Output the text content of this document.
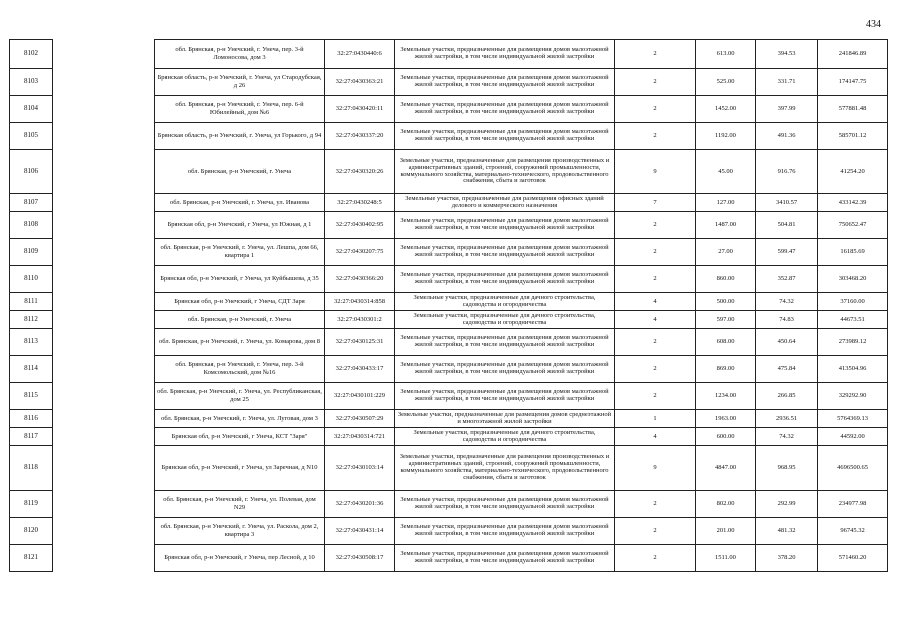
434
8102		обл. Брянская, р-н Унечский, г. Унеча, пер. 3-й Ломоносова, дом 3	32:27:0430440:6	Земельные участки, предназначенные для размещения домов малоэтажной жилой застройки, в том числе индивидуальной жилой застройки	2	613.00	394.53	241846.89
8103		Брянская область, р-н Унечский, г. Унеча, ул Стародубская, д 26	32:27:0430363:21	Земельные участки, предназначенные для размещения домов малоэтажной жилой застройки, в том числе индивидуальной жилой застройки	2	525.00	331.71	174147.75
8104		обл. Брянская, р-н Унечский, г. Унеча, пер. 6-й Юбилейный, дом №6	32:27:0430420:11	Земельные участки, предназначенные для размещения домов малоэтажной жилой застройки, в том числе индивидуальной жилой застройки	2	1452.00	397.99	577881.48
8105		Брянская область, р-н Унечский, г. Унеча, ул Горького, д 94	32:27:0430337:20	Земельные участки, предназначенные для размещения домов малоэтажной жилой застройки, в том числе индивидуальной жилой застройки	2	1192.00	491.36	585701.12
8106		обл. Брянская, р-н Унечский, г. Унеча	32:27:0430320:26	Земельные участки, предназначенные для размещения производственных и административных зданий, строений, сооружений промышленности, коммунального хозяйства, материально-технического, продовольственного снабжения, сбыта и заготовок	9	45.00	916.76	41254.20
8107		обл. Брянская, р-н Унечский, г. Унеча, ул. Иванова	32:27:0430248:5	Земельные участки, предназначенные для размещения офисных зданий делового и коммерческого назначения	7	127.00	3410.57	433142.39
8108		Брянская обл, р-н Унечский, г Унеча, ул Южная, д 1	32:27:0430402:95	Земельные участки, предназначенные для размещения домов малоэтажной жилой застройки, в том числе индивидуальной жилой застройки	2	1487.00	504.81	750652.47
8109		обл. Брянская, р-н Унечский, г. Унеча, ул. Лешпа, дом 66, квартира 1	32:27:0430207:75	Земельные участки, предназначенные для размещения домов малоэтажной жилой застройки, в том числе индивидуальной жилой застройки	2	27.00	599.47	16185.69
8110		Брянская обл, р-н Унечский, г Унеча, ул Куйбышева, д 35	32:27:0430366:20	Земельные участки, предназначенные для размещения домов малоэтажной жилой застройки, в том числе индивидуальной жилой застройки	2	860.00	352.87	303468.20
8111		Брянская обл, р-н Унечский, г Унеча, СДТ Заря	32:27:0430314:858	Земельные участки, предназначенные для дачного строительства, садоводства и огородничества	4	500.00	74.32	37160.00
8112		обл. Брянская, р-н Унечский, г. Унеча	32:27:0430301:2	Земельные участки, предназначенные для дачного строительства, садоводства и огородничества	4	597.00	74.83	44673.51
8113		обл. Брянская, р-н Унечский, г. Унеча, ул. Комарова, дом 8	32:27:0430125:31	Земельные участки, предназначенные для размещения домов малоэтажной жилой застройки, в том числе индивидуальной жилой застройки	2	608.00	450.64	273989.12
8114		обл. Брянская, р-н Унечский, г. Унеча, пер. 3-й Комсомольский, дом №16	32:27:0430433:17	Земельные участки, предназначенные для размещения домов малоэтажной жилой застройки, в том числе индивидуальной жилой застройки	2	869.00	475.84	413504.96
8115		обл. Брянская, р-н Унечский, г. Унеча, ул. Республиканская, дом 25	32:27:0430101:229	Земельные участки, предназначенные для размещения домов малоэтажной жилой застройки, в том числе индивидуальной жилой застройки	2	1234.00	266.85	329292.90
8116		обл. Брянская, р-н Унечский, г. Унеча, ул. Луговая, дом 3	32:27:0430507:29	Земельные участки, предназначенные для размещения домов среднеэтажной и многоэтажной жилой застройки	1	1963.00	2936.51	5764369.13
8117		Брянская обл, р-н Унечский, г Унеча, КСТ "Заря"	32:27:0430314:721	Земельные участки, предназначенные для дачного строительства, садоводства и огородничества	4	600.00	74.32	44592.00
8118		Брянская обл, р-н Унечский, г Унеча, ул Заречная, д N10	32:27:0430103:14	Земельные участки, предназначенные для размещения производственных и административных зданий, строений, сооружений промышленности, коммунального хозяйства, материально-технического, продовольственного снабжения, сбыта и заготовок	9	4847.00	968.95	4696500.65
8119		обл. Брянская, р-н Унечский, г. Унеча, ул. Полевая, дом N29	32:27:0430201:36	Земельные участки, предназначенные для размещения домов малоэтажной жилой застройки, в том числе индивидуальной жилой застройки	2	802.00	292.99	234977.98
8120		обл. Брянская, р-н Унечский, г. Унеча, ул. Раскола, дом 2, квартира 3	32:27:0430431:14	Земельные участки, предназначенные для размещения домов малоэтажной жилой застройки, в том числе индивидуальной жилой застройки	2	201.00	481.32	96745.32
8121		Брянская обл, р-н Унечский, г Унеча, пер Лесной, д 10	32:27:0430508:17	Земельные участки, предназначенные для размещения домов малоэтажной жилой застройки, в том числе индивидуальной жилой застройки	2	1511.00	378.20	571460.20
